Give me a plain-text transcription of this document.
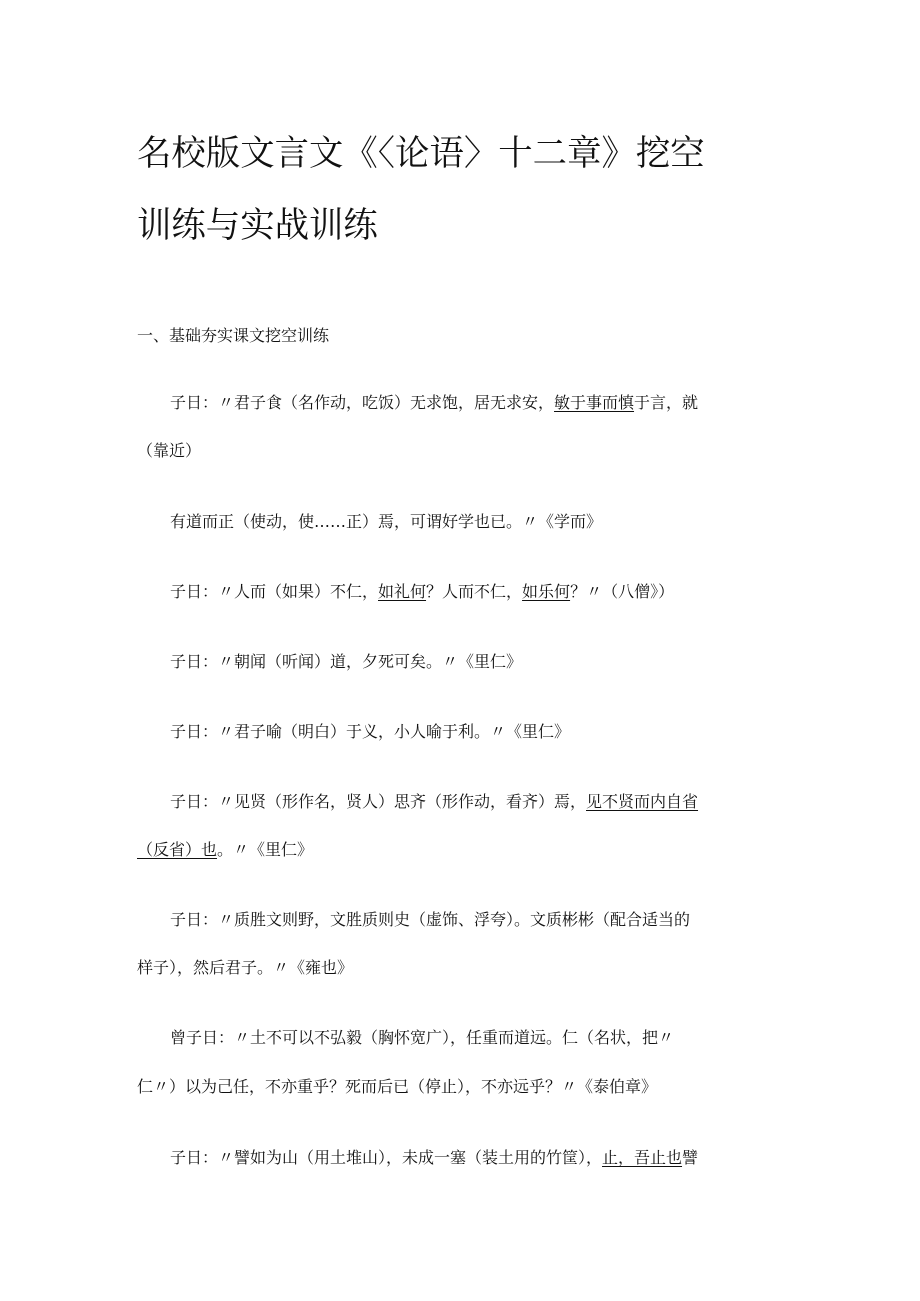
名校版文言文《〈论语〉十二章》挖空
训练与实战训练
一、基础夯实课文挖空训练
子日：〃君子食（名作动，吃饭）无求饱，居无求安，敏于事而慎于言，就
（靠近）
有道而正（使动，使……正）焉，可谓好学也已。〃《学而》
子日：〃人而（如果）不仁，如礼何？人而不仁，如乐何？〃（八僧》）
子日：〃朝闻（听闻）道，夕死可矣。〃《里仁》
子日：〃君子喻（明白）于义，小人喻于利。〃《里仁》
子日：〃见贤（形作名，贤人）思齐（形作动，看齐）焉，见不贤而内自省
（反省）也。〃《里仁》
子日：〃质胜文则野，文胜质则史（虚饰、浮夸）。文质彬彬（配合适当的
样子），然后君子。〃《雍也》
曾子日：〃土不可以不弘毅（胸怀宽广），任重而道远。仁（名状，把〃
仁〃）以为己任，不亦重乎？死而后已（停止），不亦远乎？〃《泰伯章》
子日：〃譬如为山（用土堆山），未成一塞（装土用的竹筐），止，吾止也譬
